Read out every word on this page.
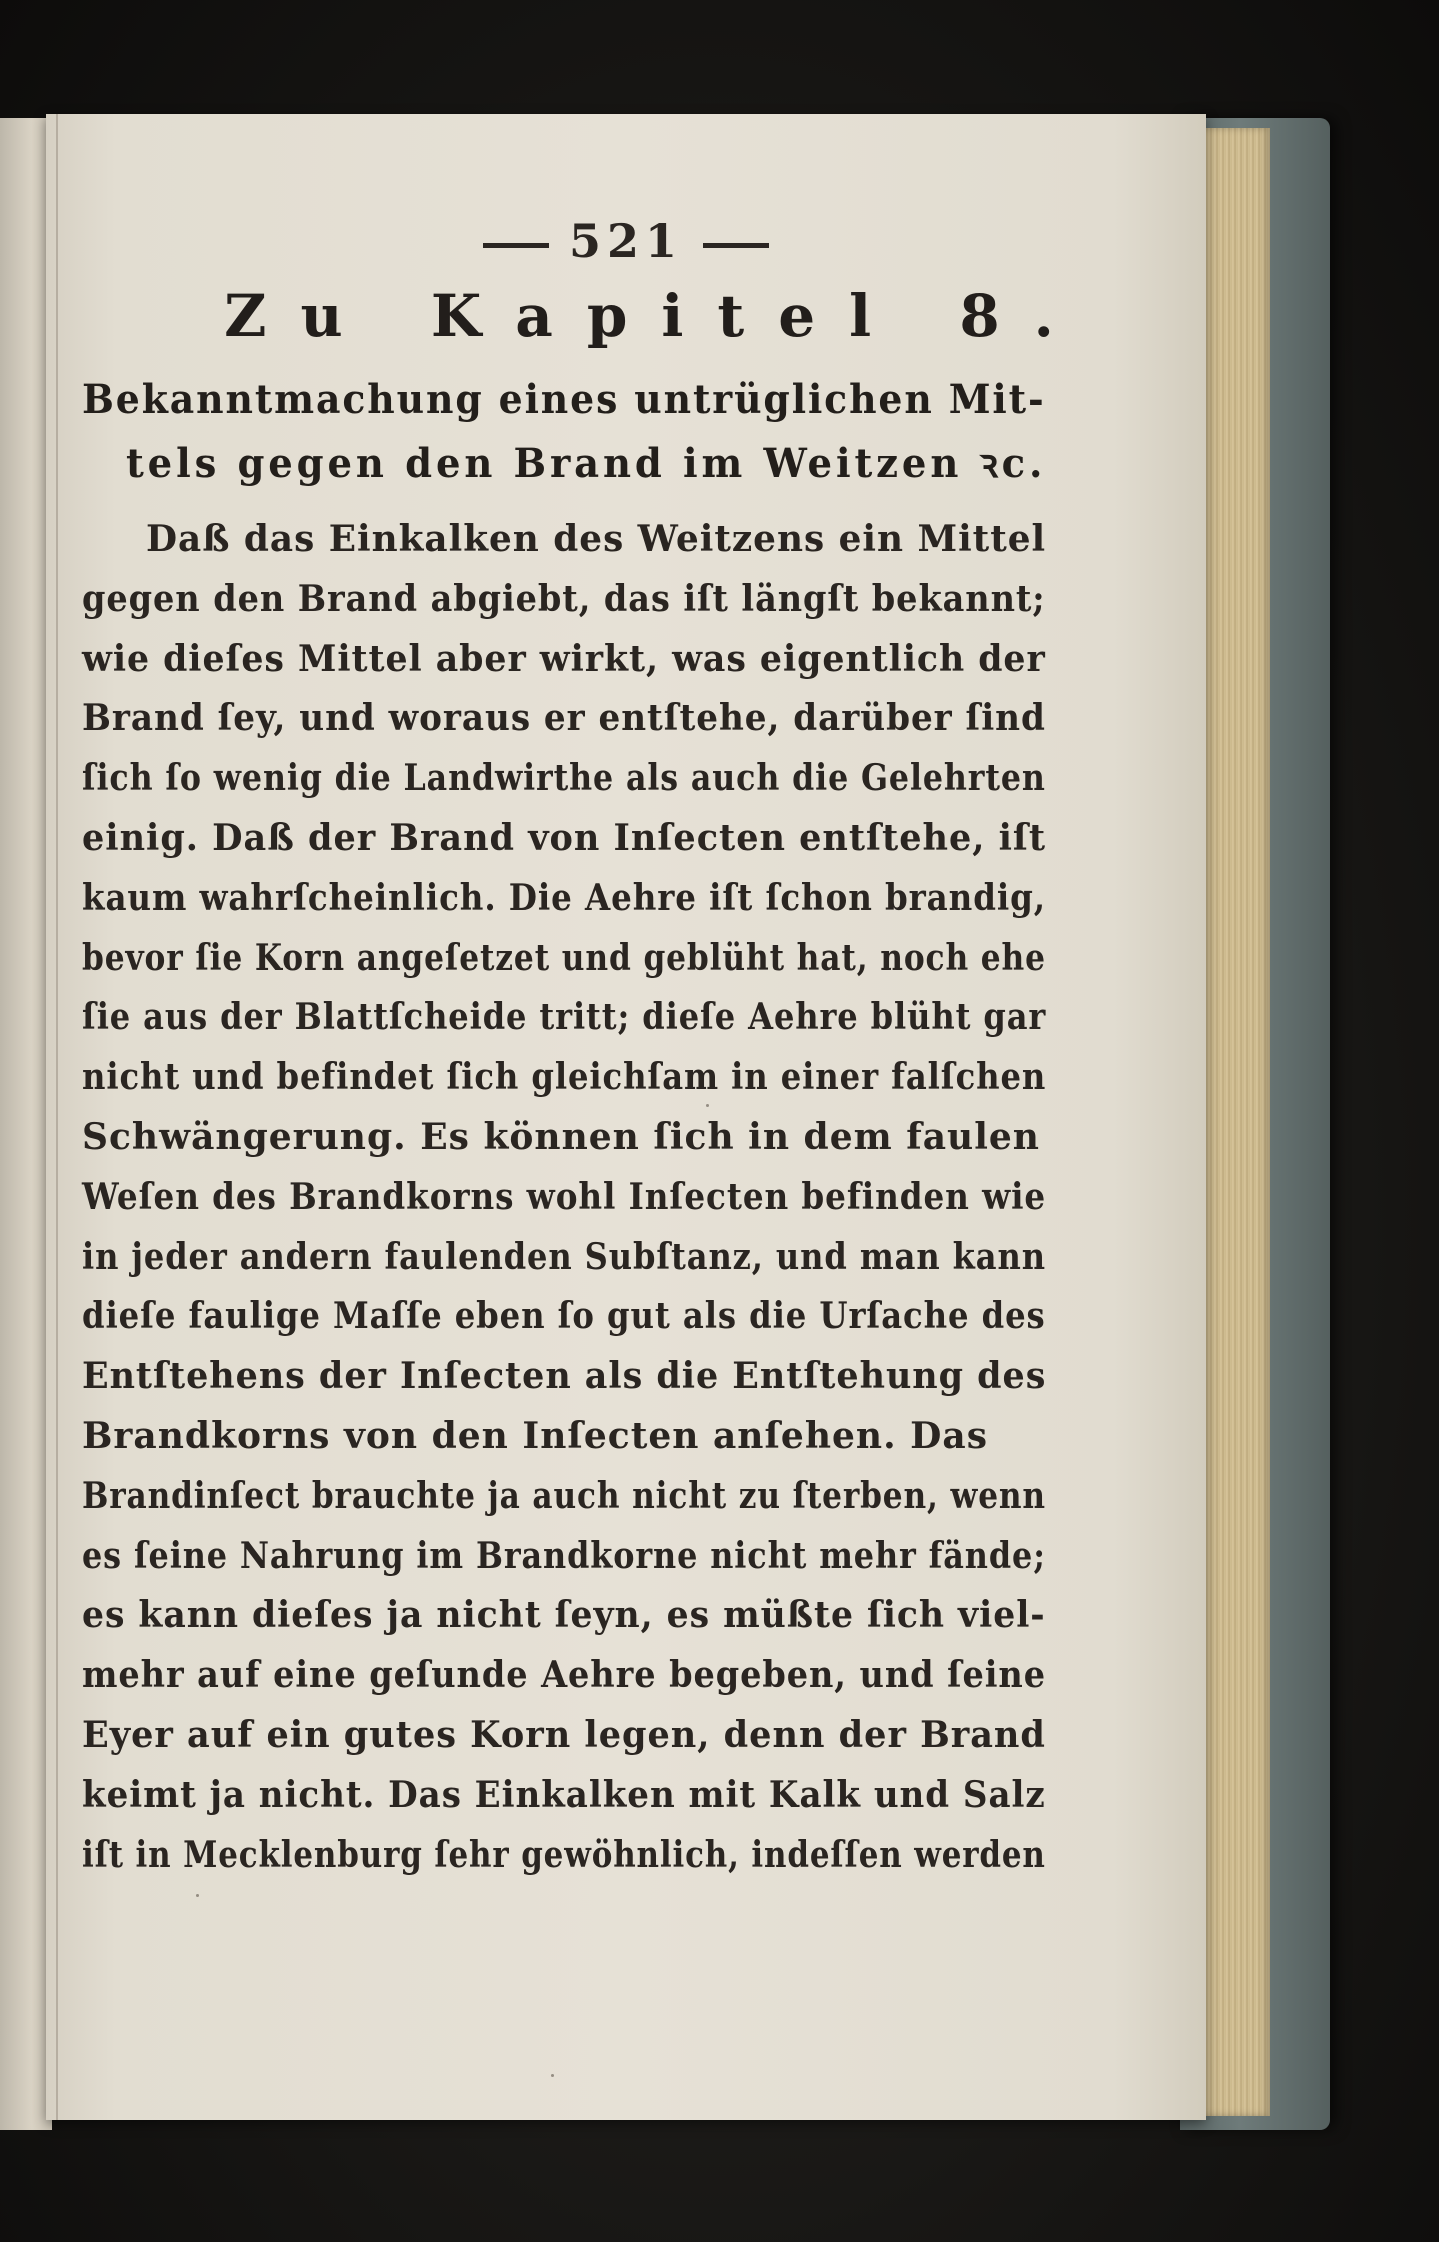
521
Zu Kapitel 8.
Bekanntmachung eines untrüglichen Mit-
tels gegen den Brand im Weitzen ꝛc.
Daß das Einkalken des Weitzens ein Mittel
gegen den Brand abgiebt, das iſt längſt bekannt;
wie dieſes Mittel aber wirkt, was eigentlich der
Brand ſey, und woraus er entſtehe, darüber ſind
ſich ſo wenig die Landwirthe als auch die Gelehrten
einig. Daß der Brand von Inſecten entſtehe, iſt
kaum wahrſcheinlich. Die Aehre iſt ſchon brandig,
bevor ſie Korn angeſetzet und geblüht hat, noch ehe
ſie aus der Blattſcheide tritt; dieſe Aehre blüht gar
nicht und befindet ſich gleichſam in einer falſchen
Schwängerung. Es können ſich in dem faulen
Weſen des Brandkorns wohl Inſecten befinden wie
in jeder andern faulenden Subſtanz, und man kann
dieſe faulige Maſſe eben ſo gut als die Urſache des
Entſtehens der Inſecten als die Entſtehung des
Brandkorns von den Inſecten anſehen. Das
Brandinſect brauchte ja auch nicht zu ſterben, wenn
es ſeine Nahrung im Brandkorne nicht mehr fände;
es kann dieſes ja nicht ſeyn, es müßte ſich viel-
mehr auf eine geſunde Aehre begeben, und ſeine
Eyer auf ein gutes Korn legen, denn der Brand
keimt ja nicht. Das Einkalken mit Kalk und Salz
iſt in Mecklenburg ſehr gewöhnlich, indeſſen werden
